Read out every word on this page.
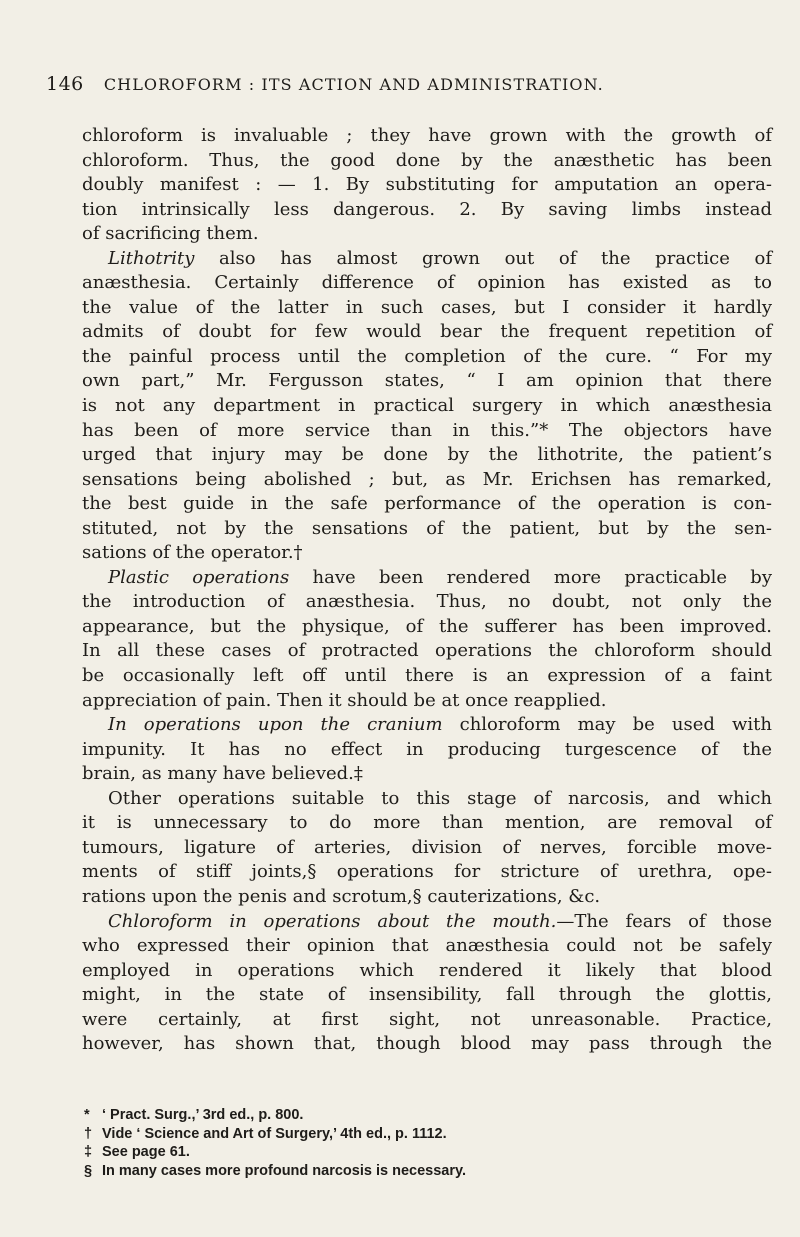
146 CHLOROFORM : ITS ACTION AND ADMINISTRATION.
chloroform is invaluable ; they have grown with the growth of
chloroform. Thus, the good done by the anæsthetic has been
doubly manifest : — 1. By substituting for amputation an opera-
tion intrinsically less dangerous. 2. By saving limbs instead
of sacrificing them.
Lithotrity also has almost grown out of the practice of
anæsthesia. Certainly difference of opinion has existed as to
the value of the latter in such cases, but I consider it hardly
admits of doubt for few would bear the frequent repetition of
the painful process until the completion of the cure. “ For my
own part,” Mr. Fergusson states, “ I am opinion that there
is not any department in practical surgery in which anæsthesia
has been of more service than in this.”* The objectors have
urged that injury may be done by the lithotrite, the patient’s
sensations being abolished ; but, as Mr. Erichsen has remarked,
the best guide in the safe performance of the operation is con-
stituted, not by the sensations of the patient, but by the sen-
sations of the operator.†
Plastic operations have been rendered more practicable by
the introduction of anæsthesia. Thus, no doubt, not only the
appearance, but the physique, of the sufferer has been improved.
In all these cases of protracted operations the chloroform should
be occasionally left off until there is an expression of a faint
appreciation of pain. Then it should be at once reapplied.
In operations upon the cranium chloroform may be used with
impunity. It has no effect in producing turgescence of the
brain, as many have believed.‡
Other operations suitable to this stage of narcosis, and which
it is unnecessary to do more than mention, are removal of
tumours, ligature of arteries, division of nerves, forcible move-
ments of stiff joints,§ operations for stricture of urethra, ope-
rations upon the penis and scrotum,§ cauterizations, &c.
Chloroform in operations about the mouth.—The fears of those
who expressed their opinion that anæsthesia could not be safely
employed in operations which rendered it likely that blood
might, in the state of insensibility, fall through the glottis,
were certainly, at first sight, not unreasonable. Practice,
however, has shown that, though blood may pass through the
* ‘ Pract. Surg.,’ 3rd ed., p. 800.
† Vide ‘ Science and Art of Surgery,’ 4th ed., p. 1112.
‡ See page 61.
§ In many cases more profound narcosis is necessary.
